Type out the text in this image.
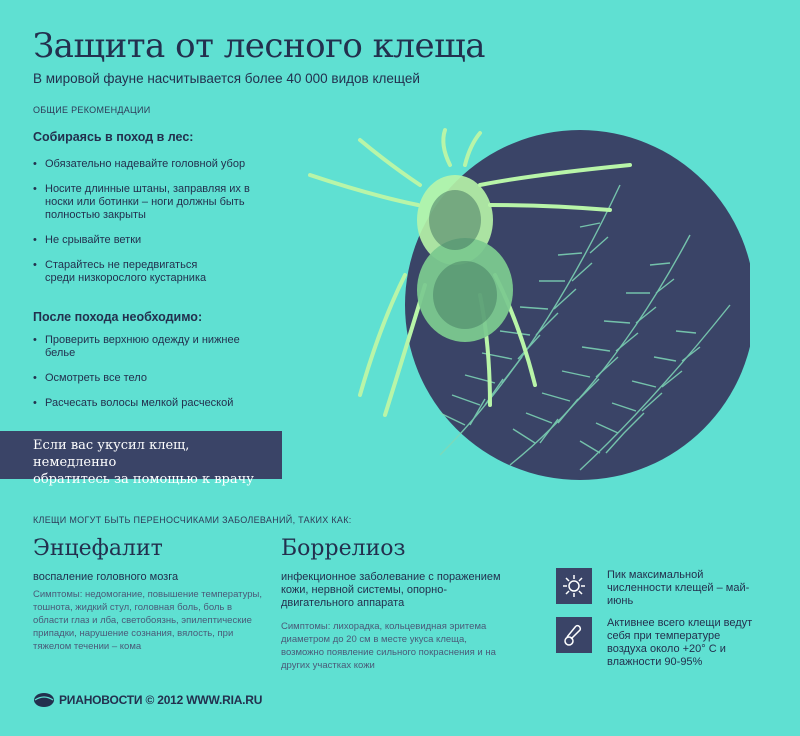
Защита от лесного клеща
В мировой фауне насчитывается более 40 000 видов клещей
ОБЩИЕ РЕКОМЕНДАЦИИ
Собираясь в поход в лес:
• Обязательно надевайте головной убор
• Носите длинные штаны, заправляя их в носки или ботинки – ноги должны быть полностью закрыты
• Не срывайте ветки
• Старайтесь не передвигаться среди низкорослого кустарника
После похода необходимо:
• Проверить верхнюю одежду и нижнее белье
• Осмотреть все тело
• Расчесать волосы мелкой расческой
Если вас укусил клещ, немедленно
обратитесь за помощью к врачу
КЛЕЩИ МОГУТ БЫТЬ ПЕРЕНОСЧИКАМИ ЗАБОЛЕВАНИЙ, ТАКИХ КАК:
Энцефалит
воспаление головного мозга
Симптомы: недомогание, повышение температуры, тошнота, жидкий стул, головная боль, боль в области глаз и лба, светобоязнь, эпилептические припадки, нарушение сознания, вялость, при тяжелом течении – кома
Боррелиоз
инфекционное заболевание с поражением кожи, нервной системы, опорно-двигательного аппарата
Симптомы: лихорадка, кольцевидная эритема диаметром до 20 см в месте укуса клеща, возможно появление сильного покраснения и на других участках кожи
Пик максимальной численности клещей – май-июнь
Активнее всего клещи ведут себя при температуре воздуха около +20° С и влажности 90-95%
РИАНОВОСТИ © 2012 WWW.RIA.RU
